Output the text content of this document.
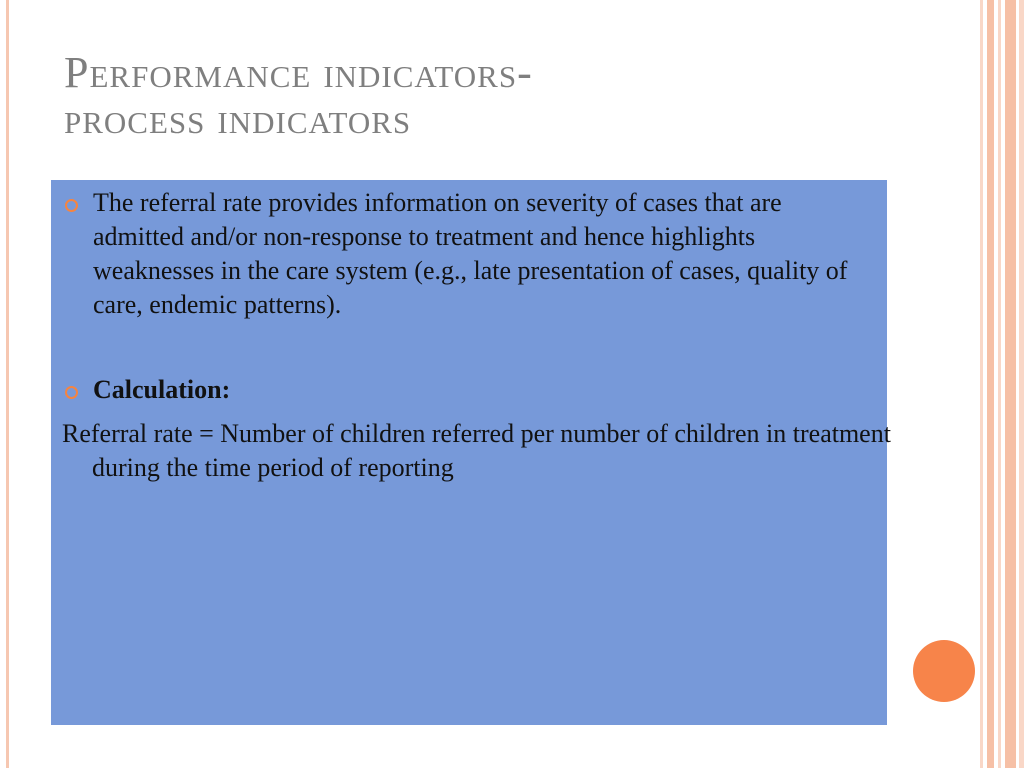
Performance indicators-
process indicators
The referral rate provides information on severity of cases that are admitted and/or non-response to treatment and hence highlights weaknesses in the care system (e.g., late presentation of cases, quality of care, endemic patterns).
Calculation:
Referral rate = Number of children referred per number of children in treatment during the time period of reporting
